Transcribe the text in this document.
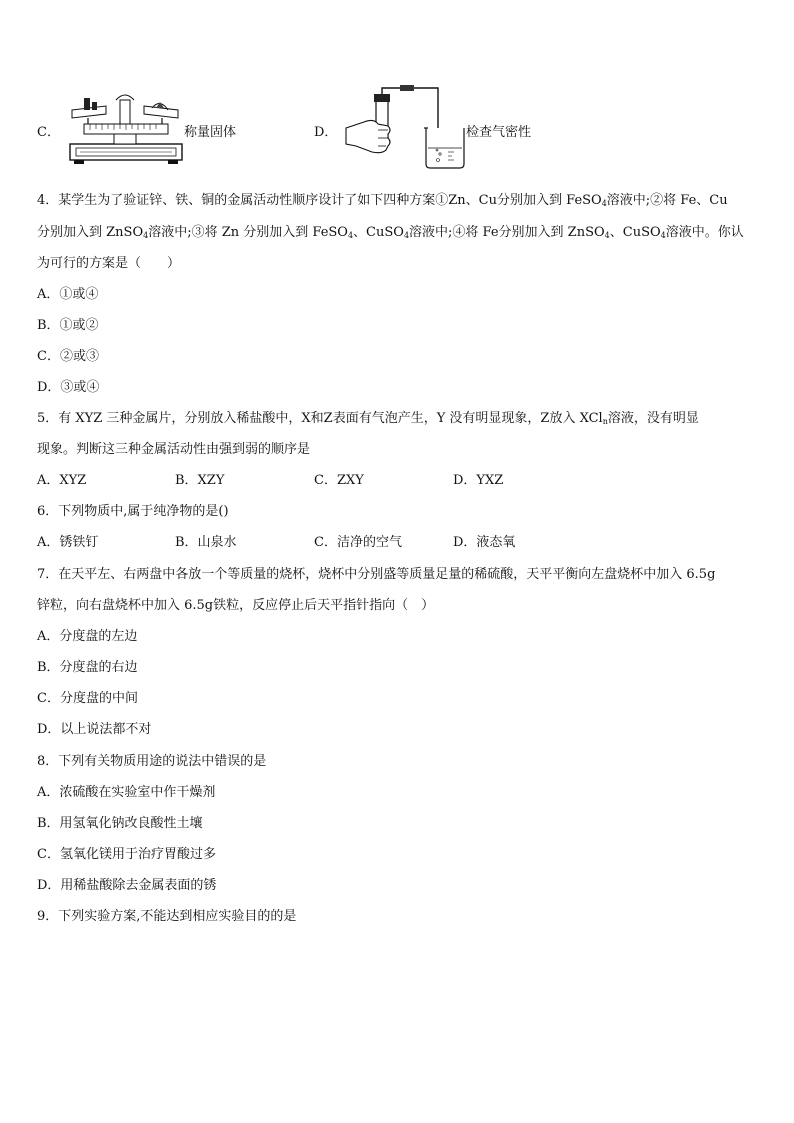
C．	称量固体	D．	检查气密性
4．某学生为了验证锌、铁、铜的金属活动性顺序设计了如下四种方案①Zn、Cu分别加入到 FeSO$_4$溶液中;②将 Fe、Cu
分别加入到 ZnSO$_4$溶液中;③将 Zn 分别加入到 FeSO$_4$、CuSO$_4$溶液中;④将 Fe分别加入到 ZnSO$_4$、CuSO$_4$溶液中。你认
为可行的方案是（　　）
A．①或④
B．①或②
C．②或③
D．③或④
5．有 XYZ 三种金属片，分别放入稀盐酸中，X和Z表面有气泡产生，Y 没有明显现象，Z放入 XCl$_n$溶液，没有明显
现象。判断这三种金属活动性由强到弱的顺序是
A．XYZ	B．XZY	C．ZXY	D．YXZ
6．下列物质中,属于纯净物的是()
A．锈铁钉	B．山泉水	C．洁净的空气	D．液态氧
7．在天平左、右两盘中各放一个等质量的烧杯，烧杯中分别盛等质量足量的稀硫酸，天平平衡向左盘烧杯中加入 6.5g
锌粒，向右盘烧杯中加入 6.5g铁粒，反应停止后天平指针指向（　）
A．分度盘的左边
B．分度盘的右边
C．分度盘的中间
D．以上说法都不对
8．下列有关物质用途的说法中错误的是
A．浓硫酸在实验室中作干燥剂
B．用氢氧化钠改良酸性土壤
C．氢氧化镁用于治疗胃酸过多
D．用稀盐酸除去金属表面的锈
9．下列实验方案,不能达到相应实验目的的是
